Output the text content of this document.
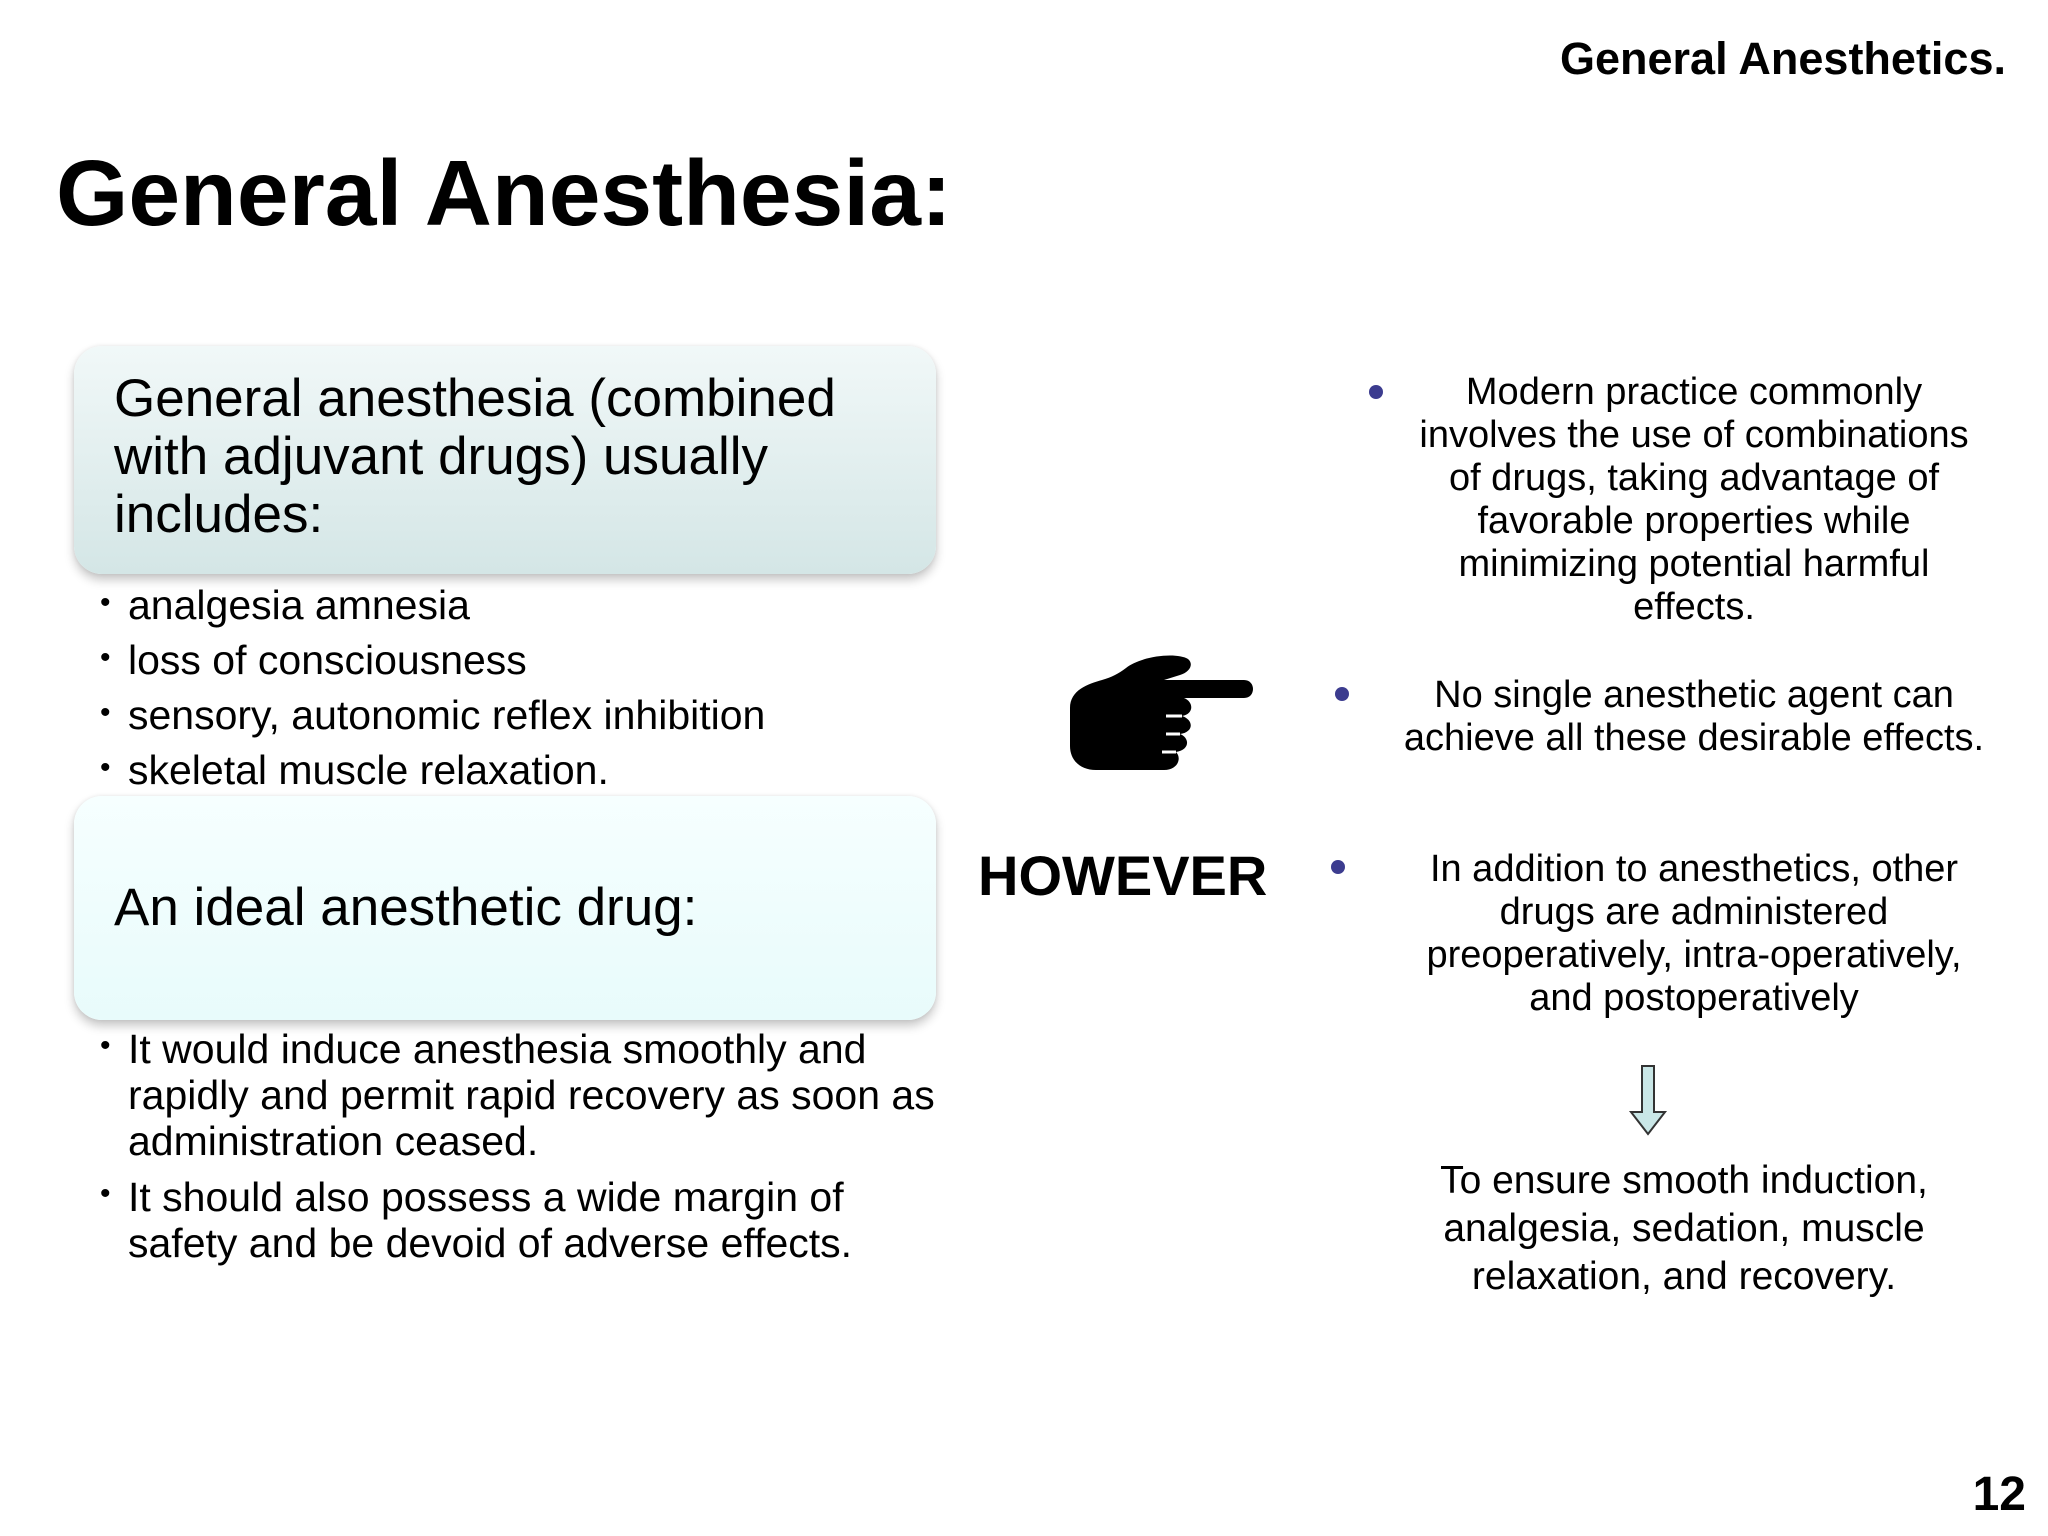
General Anesthetics.
General Anesthesia:
General anesthesia (combined with adjuvant drugs) usually includes:
• analgesia amnesia
• loss of consciousness
• sensory, autonomic reflex inhibition
• skeletal muscle relaxation.
An ideal anesthetic drug:
• It would induce anesthesia smoothly and rapidly and permit rapid recovery as soon as administration ceased.
• It should also possess a wide margin of safety and be devoid of adverse effects.
HOWEVER
Modern practice commonly involves the use of combinations of drugs, taking advantage of favorable properties while minimizing potential harmful effects.
No single anesthetic agent can achieve all these desirable effects.
In addition to anesthetics, other drugs are administered preoperatively, intra-operatively, and postoperatively
To ensure smooth induction, analgesia, sedation, muscle relaxation, and recovery.
12
